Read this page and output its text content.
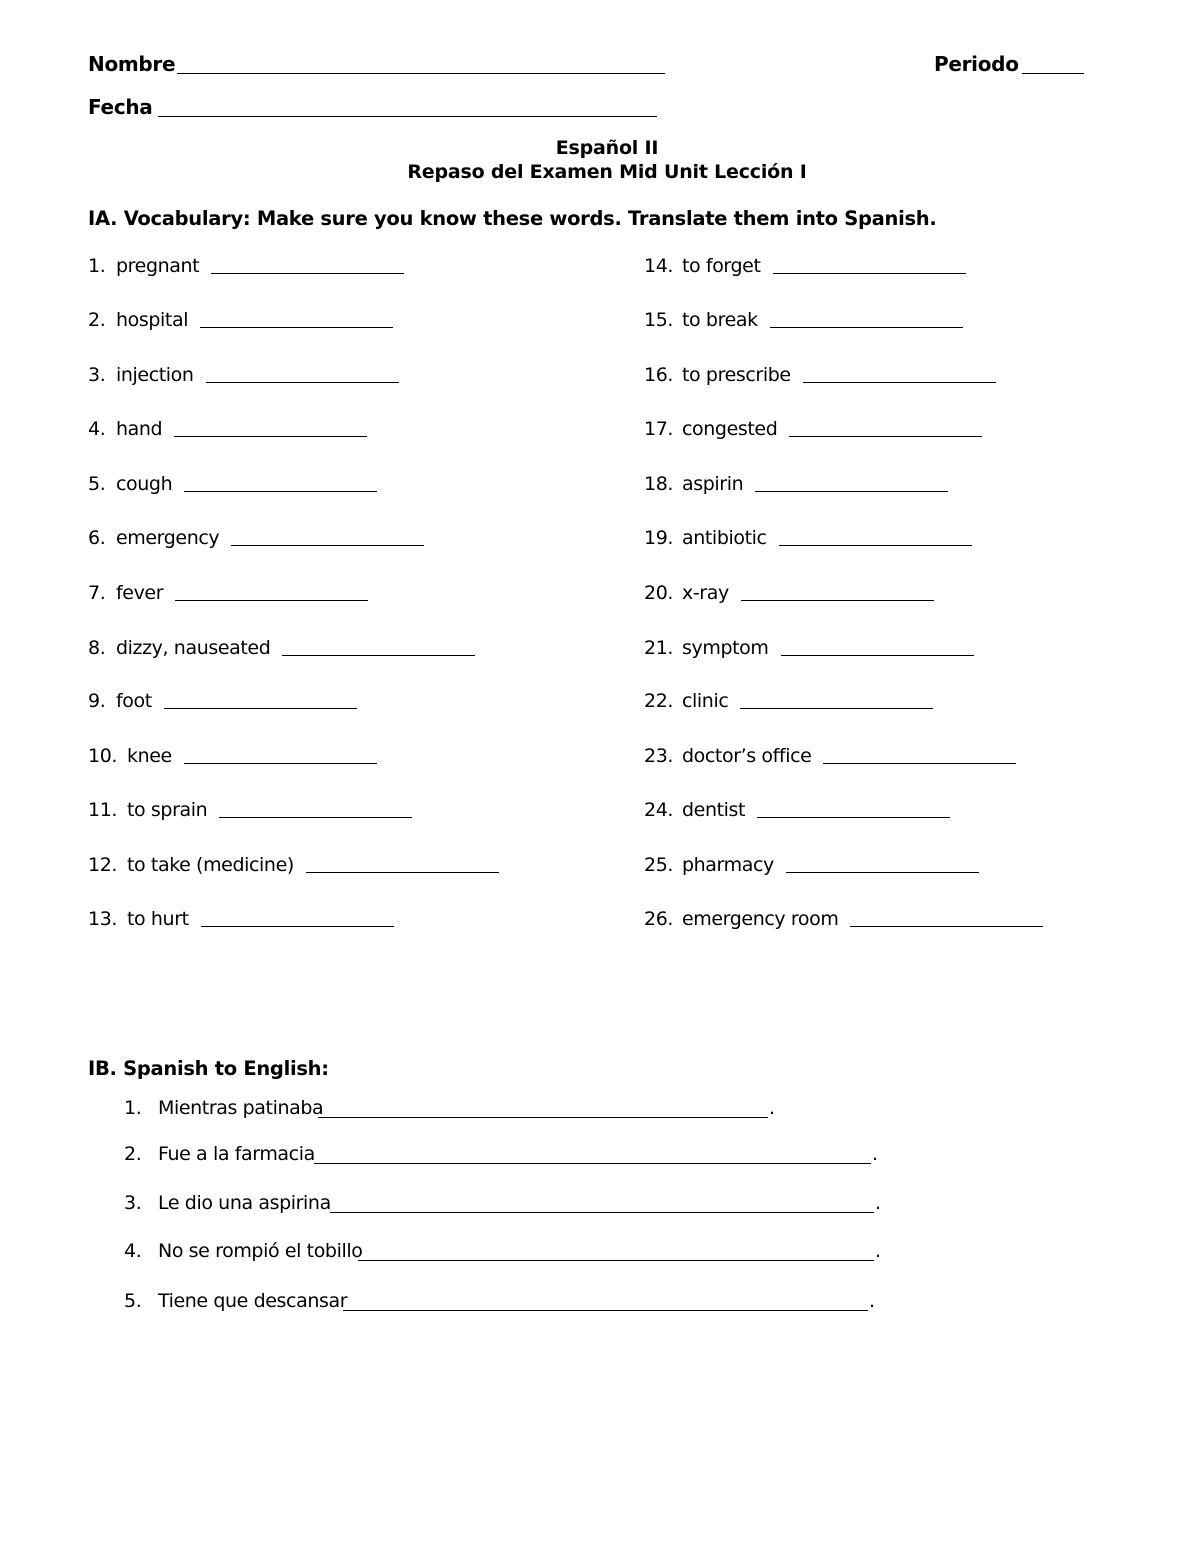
Nombre	Periodo
Fecha
Español II
Repaso del Examen Mid Unit Lección I
IA. Vocabulary: Make sure you know these words. Translate them into Spanish.
1. pregnant
2. hospital
3. injection
4. hand
5. cough
6. emergency
7. fever
8. dizzy, nauseated
9. foot
10. knee
11. to sprain
12. to take (medicine)
13. to hurt
14. to forget
15. to break
16. to prescribe
17. congested
18. aspirin
19. antibiotic
20. x-ray
21. symptom
22. clinic
23. doctor’s office
24. dentist
25. pharmacy
26. emergency room
IB. Spanish to English:
1. Mientras patinaba	.
2. Fue a la farmacia	.
3. Le dio una aspirina	.
4. No se rompió el tobillo	.
5. Tiene que descansar	.
